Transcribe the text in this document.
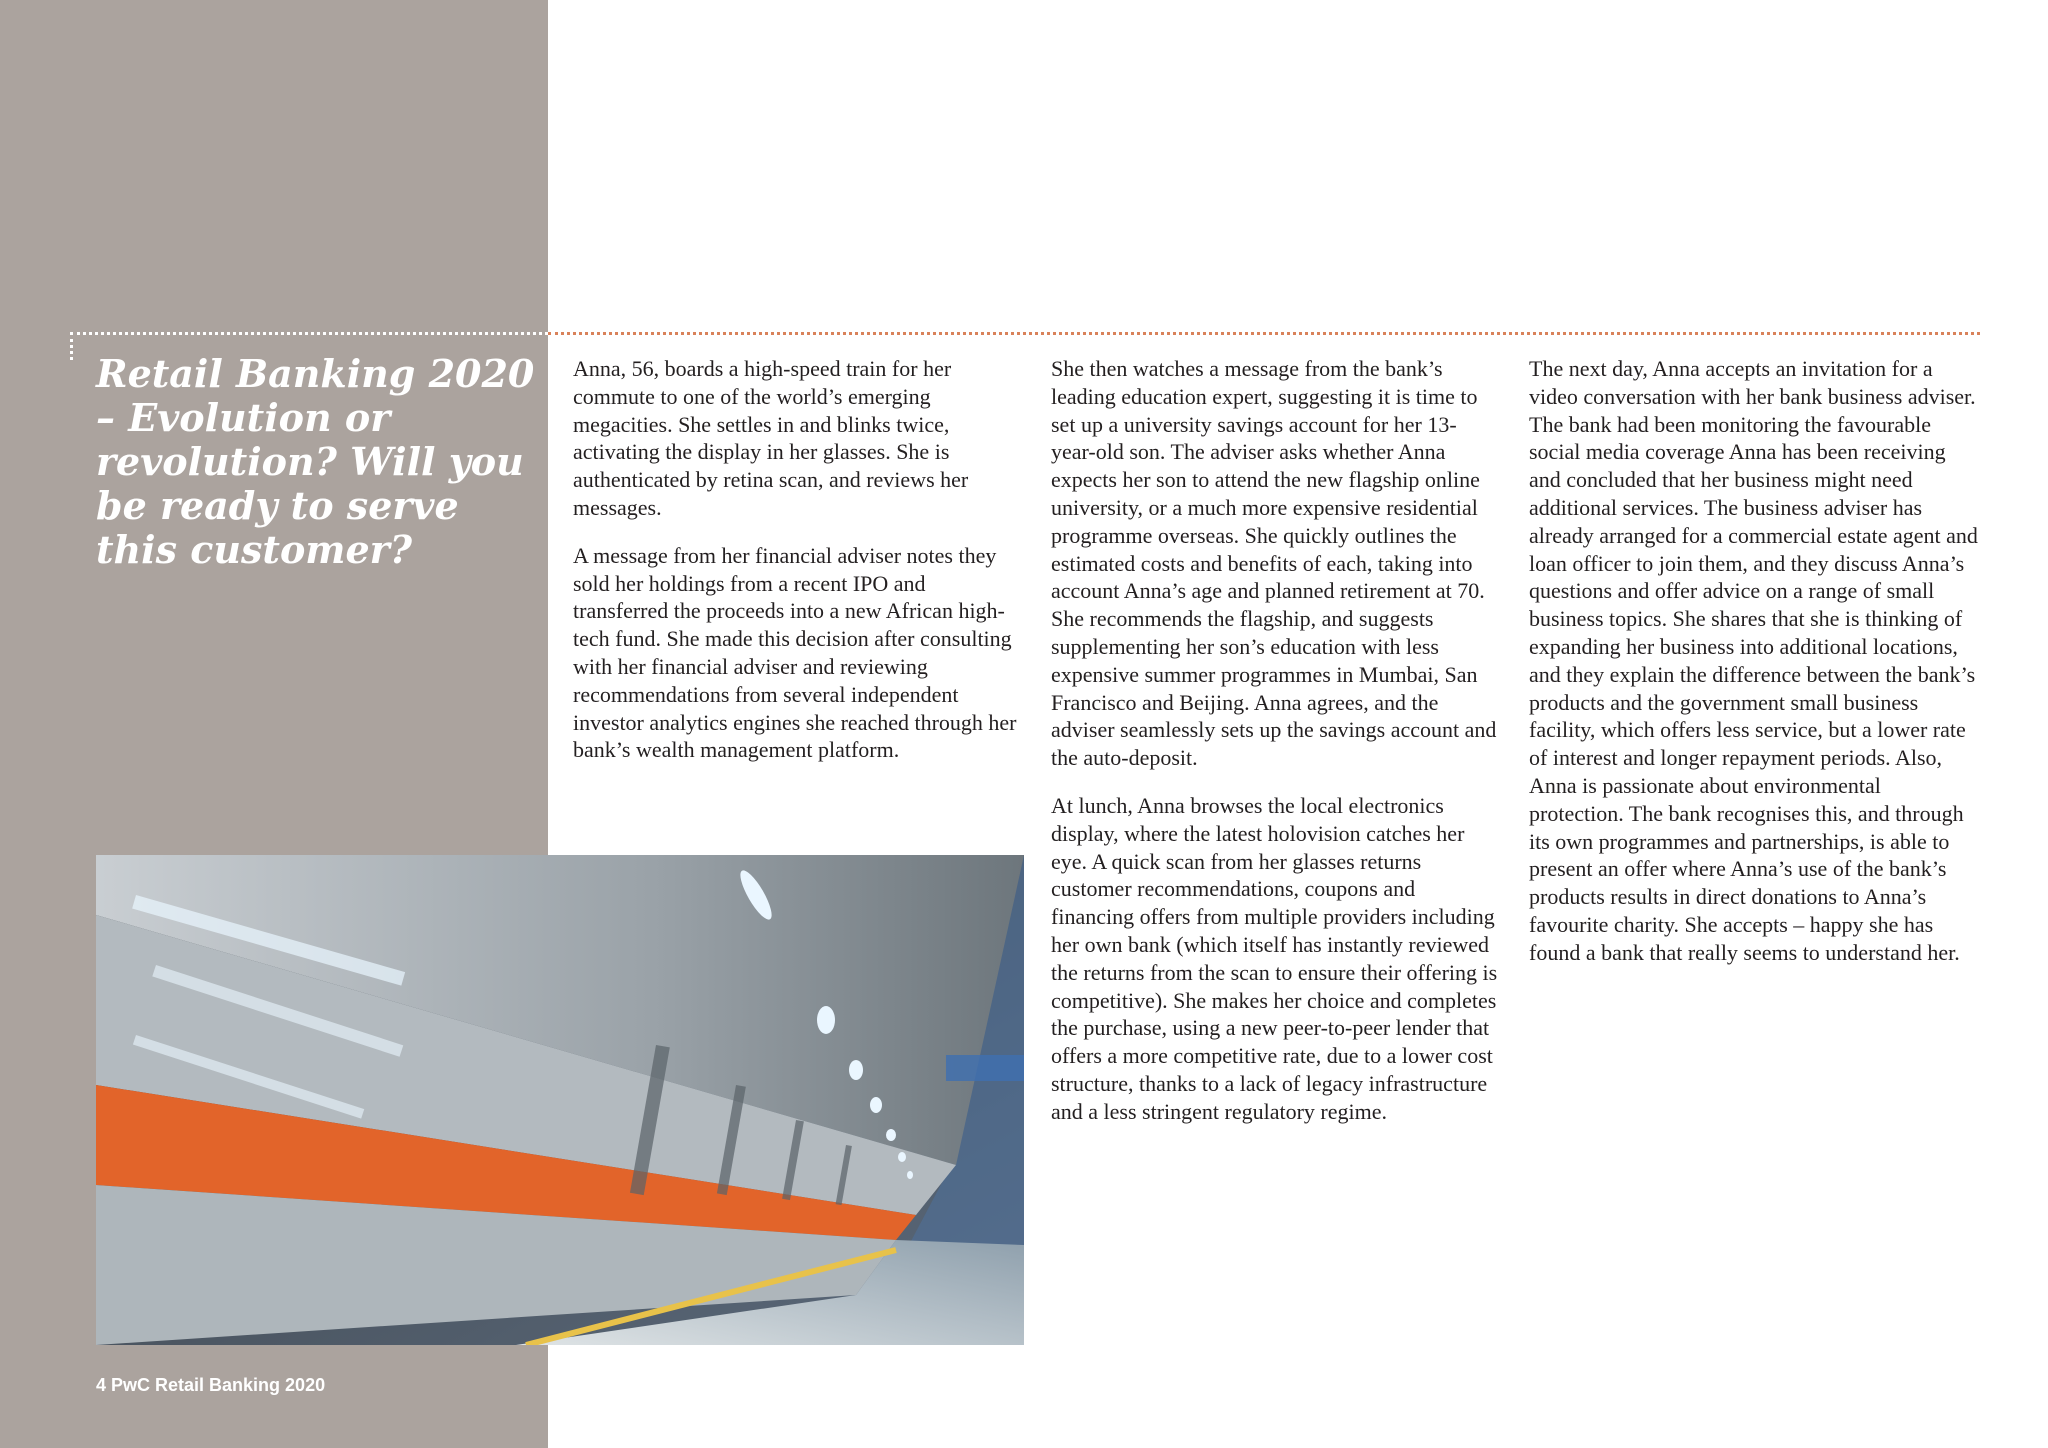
Retail Banking 2020 – Evolution or revolution? Will you be ready to serve this customer?

Anna, 56, boards a high-speed train for her commute to one of the world’s emerging megacities. She settles in and blinks twice, activating the display in her glasses. She is authenticated by retina scan, and reviews her messages.

A message from her financial adviser notes they sold her holdings from a recent IPO and transferred the proceeds into a new African high-tech fund. She made this decision after consulting with her financial adviser and reviewing recommendations from several independent investor analytics engines she reached through her bank’s wealth management platform.

She then watches a message from the bank’s leading education expert, suggesting it is time to set up a university savings account for her 13-year-old son. The adviser asks whether Anna expects her son to attend the new flagship online university, or a much more expensive residential programme overseas. She quickly outlines the estimated costs and benefits of each, taking into account Anna’s age and planned retirement at 70. She recommends the flagship, and suggests supplementing her son’s education with less expensive summer programmes in Mumbai, San Francisco and Beijing. Anna agrees, and the adviser seamlessly sets up the savings account and the auto-deposit.

At lunch, Anna browses the local electronics display, where the latest holovision catches her eye. A quick scan from her glasses returns customer recommendations, coupons and financing offers from multiple providers including her own bank (which itself has instantly reviewed the returns from the scan to ensure their offering is competitive). She makes her choice and completes the purchase, using a new peer-to-peer lender that offers a more competitive rate, due to a lower cost structure, thanks to a lack of legacy infrastructure and a less stringent regulatory regime.

The next day, Anna accepts an invitation for a video conversation with her bank business adviser. The bank had been monitoring the favourable social media coverage Anna has been receiving and concluded that her business might need additional services. The business adviser has already arranged for a commercial estate agent and loan officer to join them, and they discuss Anna’s questions and offer advice on a range of small business topics. She shares that she is thinking of expanding her business into additional locations, and they explain the difference between the bank’s products and the government small business facility, which offers less service, but a lower rate of interest and longer repayment periods. Also, Anna is passionate about environmental protection. The bank recognises this, and through its own programmes and partnerships, is able to present an offer where Anna’s use of the bank’s products results in direct donations to Anna’s favourite charity. She accepts – happy she has found a bank that really seems to understand her.

4 PwC Retail Banking 2020
